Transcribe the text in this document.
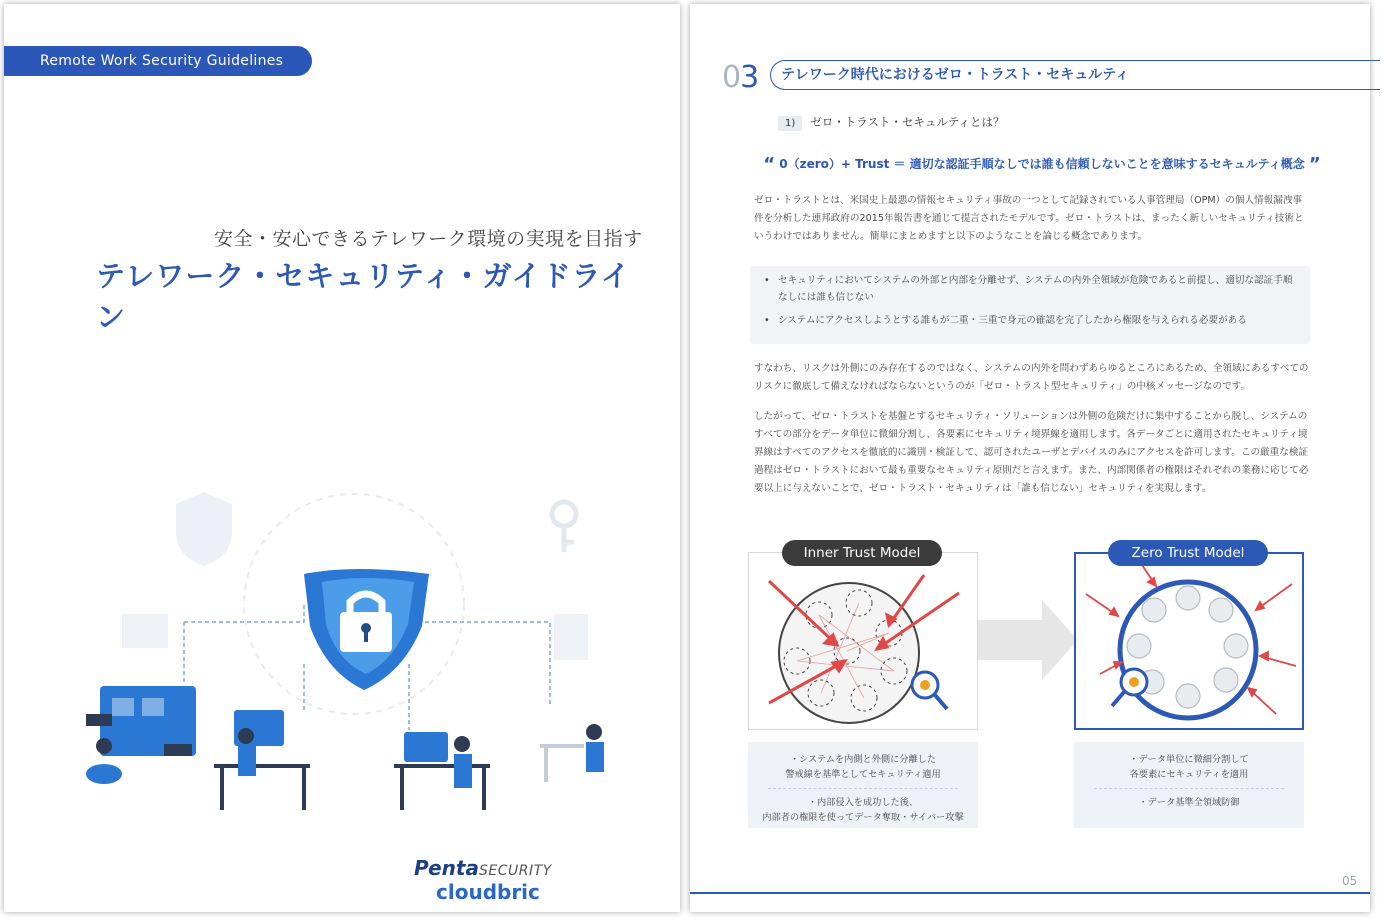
Remote Work Security Guidelines
安全・安心できるテレワーク環境の実現を目指す
テレワーク・セキュリティ・ガイドライン
PentaSECURITY cloudbric
03	テレワーク時代におけるゼロ・トラスト・セキュルティ
1) ゼロ・トラスト・セキュルティとは？
“ 0（zero）+ Trust ＝ 適切な認証手順なしでは誰も信頼しないことを意味するセキュルティ概念 ”

ゼロ・トラストとは、米国史上最悪の情報セキュリティ事故の一つとして記録されている人事管理局（OPM）の個人情報漏洩事件を分析した連邦政府の2015年報告書を通じて提言されたモデルです。ゼロ・トラストは、まったく新しいセキュリティ技術というわけではありません。簡単にまとめますと以下のようなことを論じる概念であります。

• セキュリティにおいてシステムの外部と内部を分離せず、システムの内外全領域が危険であると前提し、適切な認証手順なしには誰も信じない
• システムにアクセスしようとする誰もが二重・三重で身元の確認を完了したから権限を与えられる必要がある

すなわち、リスクは外側にのみ存在するのではなく、システムの内外を問わずあらゆるところにあるため、全領域にあるすべてのリスクに徹底して備えなければならないというのが「ゼロ・トラスト型セキュリティ」の中核メッセージなのです。

したがって、ゼロ・トラストを基盤とするセキュリティ・ソリューションは外側の危険だけに集中することから脱し、システムのすべての部分をデータ単位に微細分割し、各要素にセキュリティ境界線を適用します。各データごとに適用されたセキュリティ境界線はすべてのアクセスを徹底的に識別・検証して、認可されたユーザとデバイスのみにアクセスを許可します。この厳重な検証過程はゼロ・トラストにおいて最も重要なセキュリティ原則だと言えます。また、内部関係者の権限はそれぞれの業務に応じて必要以上に与えないことで、ゼロ・トラスト・セキュリティは「誰も信じない」セキュリティを実現します。

Inner Trust Model	Zero Trust Model
・システムを内側と外側に分離した
警戒線を基準としてセキュリティ適用
・内部侵入を成功した後、
内部者の権限を使ってデータ奪取・サイバー攻撃
・データ単位に微細分割して
各要素にセキュリティを適用
・データ基準全領域防御
05
